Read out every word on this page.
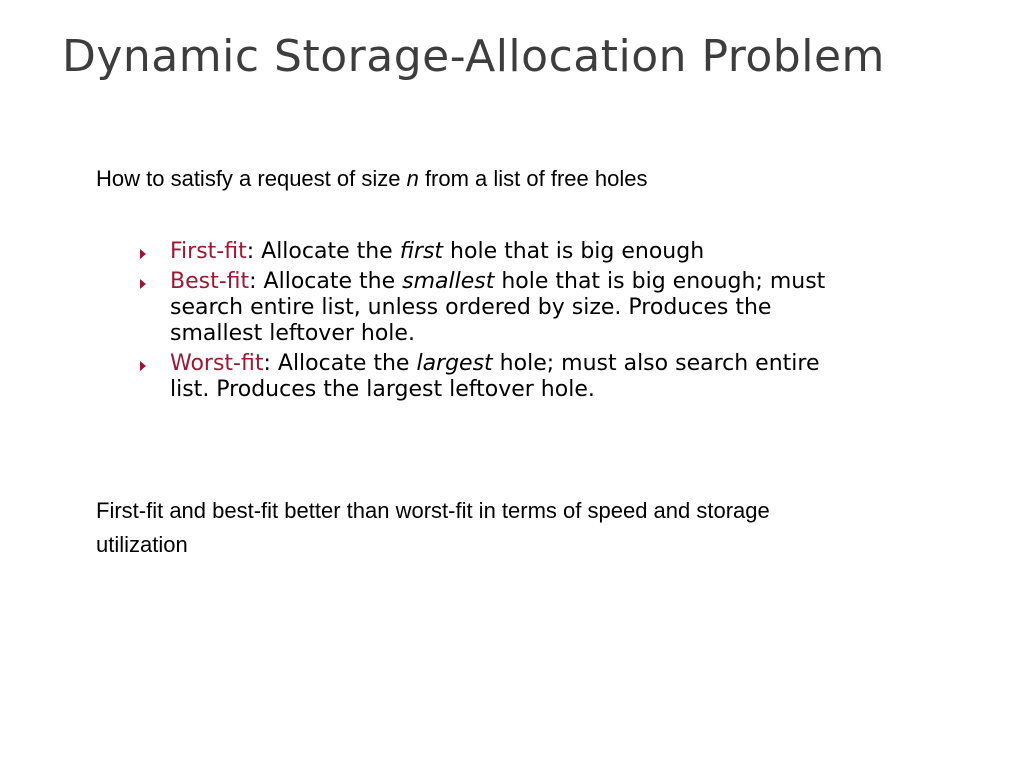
Dynamic Storage-Allocation Problem

How to satisfy a request of size n from a list of free holes

First-fit: Allocate the first hole that is big enough
Best-fit: Allocate the smallest hole that is big enough; must search entire list, unless ordered by size. Produces the smallest leftover hole.
Worst-fit: Allocate the largest hole; must also search entire list. Produces the largest leftover hole.

First-fit and best-fit better than worst-fit in terms of speed and storage utilization
